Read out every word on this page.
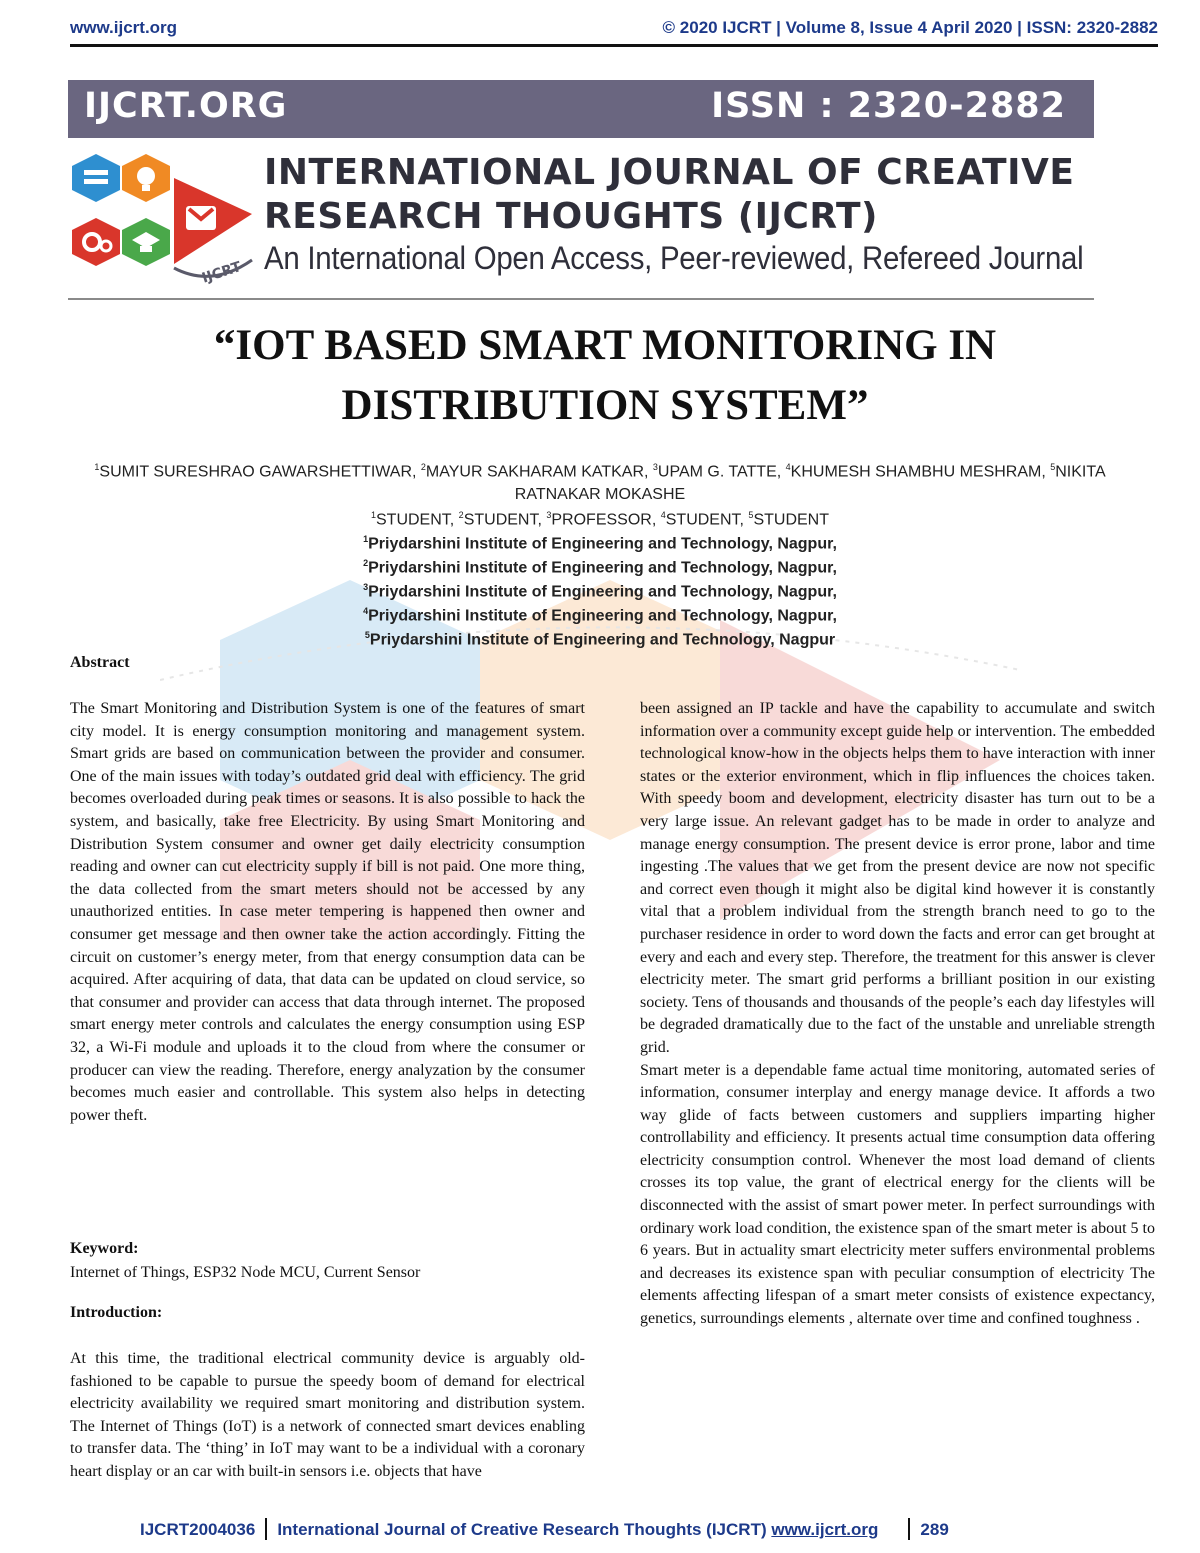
www.ijcrt.org	© 2020 IJCRT | Volume 8, Issue 4 April 2020 | ISSN: 2320-2882
IJCRT.ORG	ISSN : 2320-2882
IJCRT
INTERNATIONAL JOURNAL OF CREATIVE
RESEARCH THOUGHTS (IJCRT)
An International Open Access, Peer-reviewed, Refereed Journal
“IOT BASED SMART MONITORING IN
DISTRIBUTION SYSTEM”
$^1$SUMIT SURESHRAO GAWARSHETTIWAR, $^2$MAYUR SAKHARAM KATKAR, $^3$UPAM G. TATTE, $^4$KHUMESH SHAMBHU MESHRAM, $^5$NIKITA
RATNAKAR MOKASHE
$^1$STUDENT, $^2$STUDENT, $^3$PROFESSOR, $^4$STUDENT, $^5$STUDENT
$^1$Priydarshini Institute of Engineering and Technology, Nagpur,
$^2$Priydarshini Institute of Engineering and Technology, Nagpur,
$^3$Priydarshini Institute of Engineering and Technology, Nagpur,
$^4$Priydarshini Institute of Engineering and Technology, Nagpur,
$^5$Priydarshini Institute of Engineering and Technology, Nagpur
Abstract

The Smart Monitoring and Distribution System is one of the features of smart city model. It is energy consumption monitoring and management system. Smart grids are based on communication between the provider and consumer. One of the main issues with today’s outdated grid deal with efficiency. The grid becomes overloaded during peak times or seasons. It is also possible to hack the system, and basically, take free Electricity. By using Smart Monitoring and Distribution System consumer and owner get daily electricity consumption reading and owner can cut electricity supply if bill is not paid. One more thing, the data collected from the smart meters should not be accessed by any unauthorized entities. In case meter tempering is happened then owner and consumer get message and then owner take the action accordingly. Fitting the circuit on customer’s energy meter, from that energy consumption data can be acquired. After acquiring of data, that data can be updated on cloud service, so that consumer and provider can access that data through internet. The proposed smart energy meter controls and calculates the energy consumption using ESP 32, a Wi-Fi module and uploads it to the cloud from where the consumer or producer can view the reading. Therefore, energy analyzation by the consumer becomes much easier and controllable. This system also helps in detecting power theft.

Keyword:
Internet of Things, ESP32 Node MCU, Current Sensor
Introduction:

At this time, the traditional electrical community device is arguably old-fashioned to be capable to pursue the speedy boom of demand for electrical electricity availability we required smart monitoring and distribution system. The Internet of Things (IoT) is a network of connected smart devices enabling to transfer data. The ‘thing’ in IoT may want to be a individual with a coronary heart display or an car with built-in sensors i.e. objects that have

been assigned an IP tackle and have the capability to accumulate and switch information over a community except guide help or intervention. The embedded technological know-how in the objects helps them to have interaction with inner states or the exterior environment, which in flip influences the choices taken. With speedy boom and development, electricity disaster has turn out to be a very large issue. An relevant gadget has to be made in order to analyze and manage energy consumption. The present device is error prone, labor and time ingesting .The values that we get from the present device are now not specific and correct even though it might also be digital kind however it is constantly vital that a problem individual from the strength branch need to go to the purchaser residence in order to word down the facts and error can get brought at every and each and every step. Therefore, the treatment for this answer is clever electricity meter. The smart grid performs a brilliant position in our existing society. Tens of thousands and thousands of the people’s each day lifestyles will be degraded dramatically due to the fact of the unstable and unreliable strength grid.

Smart meter is a dependable fame actual time monitoring, automated series of information, consumer interplay and energy manage device. It affords a two way glide of facts between customers and suppliers imparting higher controllability and efficiency. It presents actual time consumption data offering electricity consumption control. Whenever the most load demand of clients crosses its top value, the grant of electrical energy for the clients will be disconnected with the assist of smart power meter. In perfect surroundings with ordinary work load condition, the existence span of the smart meter is about 5 to 6 years. But in actuality smart electricity meter suffers environmental problems and decreases its existence span with peculiar consumption of electricity The elements affecting lifespan of a smart meter consists of existence expectancy, genetics, surroundings elements , alternate over time and confined toughness .

IJCRT2004036 International Journal of Creative Research Thoughts (IJCRT) www.ijcrt.org 289
